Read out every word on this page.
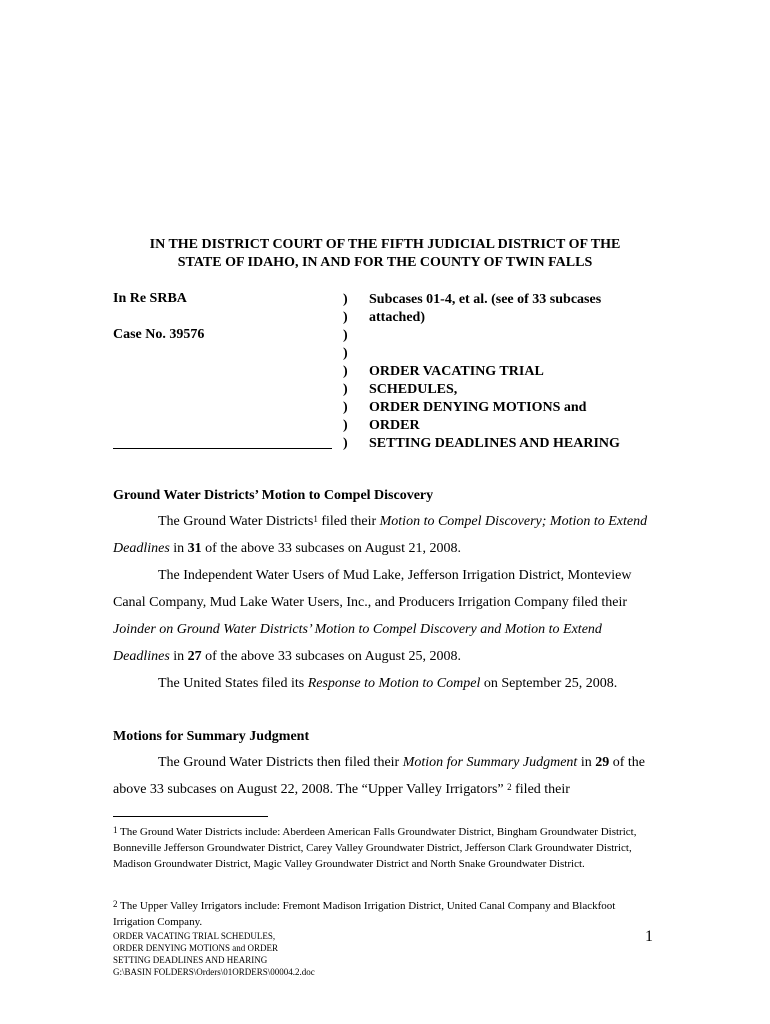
IN THE DISTRICT COURT OF THE FIFTH JUDICIAL DISTRICT OF THE
STATE OF IDAHO, IN AND FOR THE COUNTY OF TWIN FALLS
In Re SRBA
Case No. 39576
)
)
)
)
)
)
)
)
)
Subcases 01-4, et al. (see of 33 subcases
attached)
ORDER VACATING TRIAL
SCHEDULES,
ORDER DENYING MOTIONS and
ORDER
SETTING DEADLINES AND HEARING
Ground Water Districts’ Motion to Compel Discovery
The Ground Water Districts$^1$ filed their Motion to Compel Discovery; Motion to Extend Deadlines in 31 of the above 33 subcases on August 21, 2008.
The Independent Water Users of Mud Lake, Jefferson Irrigation District, Monteview Canal Company, Mud Lake Water Users, Inc., and Producers Irrigation Company filed their Joinder on Ground Water Districts’ Motion to Compel Discovery and Motion to Extend Deadlines in 27 of the above 33 subcases on August 25, 2008.
The United States filed its Response to Motion to Compel on September 25, 2008.
Motions for Summary Judgment
The Ground Water Districts then filed their Motion for Summary Judgment in 29 of the above 33 subcases on August 22, 2008. The “Upper Valley Irrigators” $^2$ filed their
$^1$ The Ground Water Districts include: Aberdeen American Falls Groundwater District, Bingham Groundwater District, Bonneville Jefferson Groundwater District, Carey Valley Groundwater District, Jefferson Clark Groundwater District, Madison Groundwater District, Magic Valley Groundwater District and North Snake Groundwater District.
$^2$ The Upper Valley Irrigators include: Fremont Madison Irrigation District, United Canal Company and Blackfoot Irrigation Company.
ORDER VACATING TRIAL SCHEDULES,
ORDER DENYING MOTIONS and ORDER
SETTING DEADLINES AND HEARING
G:\BASIN FOLDERS\Orders\01ORDERS\00004.2.doc
1
